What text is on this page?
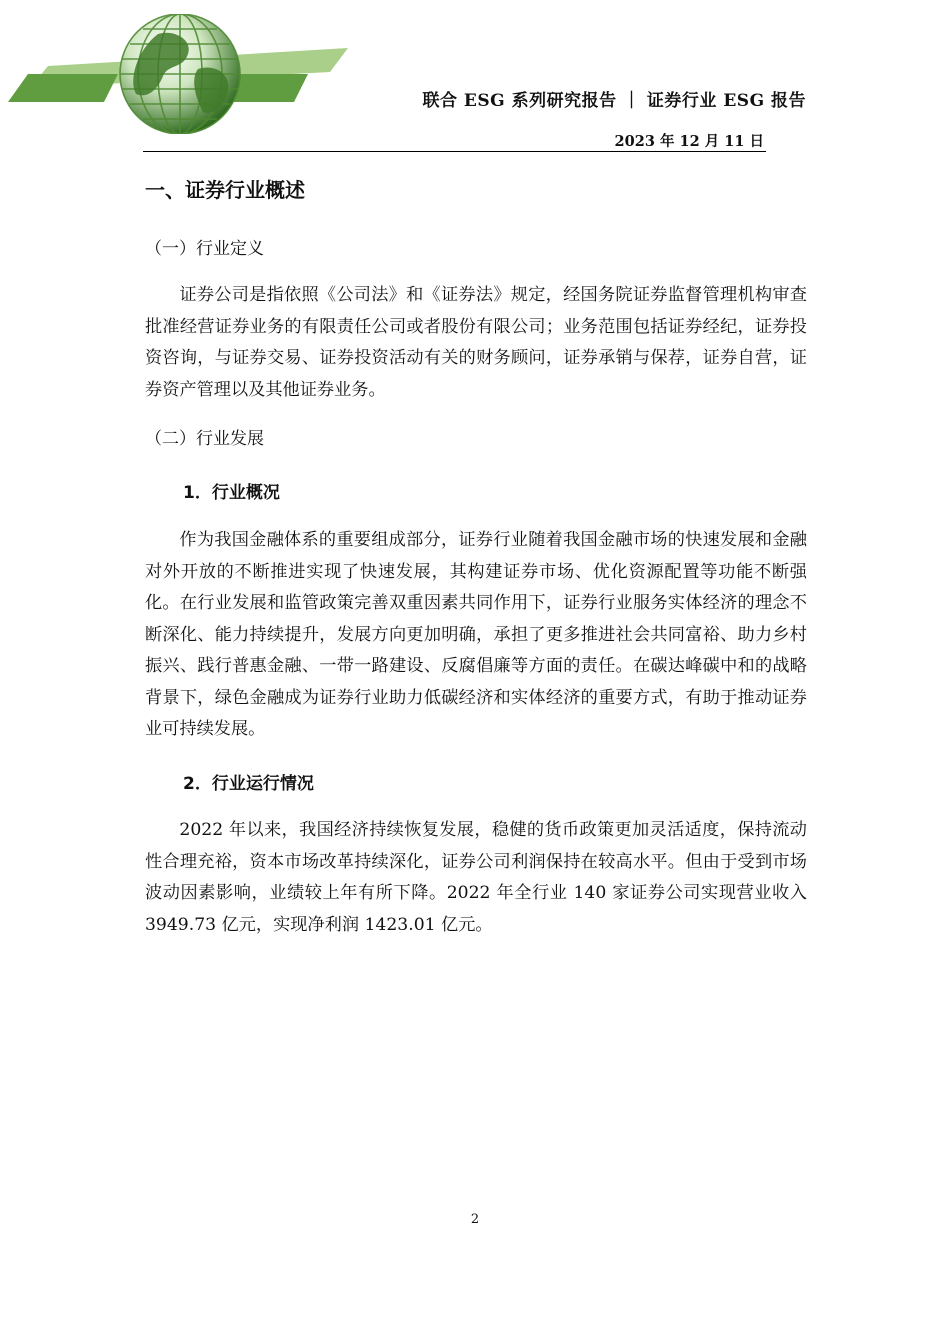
联合 ESG 系列研究报告 ｜ 证券行业 ESG 报告
2023 年 12 月 11 日
一、证券行业概述
（一）行业定义

证券公司是指依照《公司法》和《证券法》规定，经国务院证券监督管理机构审查批准经营证券业务的有限责任公司或者股份有限公司；业务范围包括证券经纪，证券投资咨询，与证券交易、证券投资活动有关的财务顾问，证券承销与保荐，证券自营，证券资产管理以及其他证券业务。

（二）行业发展
1．行业概况

作为我国金融体系的重要组成部分，证券行业随着我国金融市场的快速发展和金融对外开放的不断推进实现了快速发展，其构建证券市场、优化资源配置等功能不断强化。在行业发展和监管政策完善双重因素共同作用下，证券行业服务实体经济的理念不断深化、能力持续提升，发展方向更加明确，承担了更多推进社会共同富裕、助力乡村振兴、践行普惠金融、一带一路建设、反腐倡廉等方面的责任。在碳达峰碳中和的战略背景下，绿色金融成为证券行业助力低碳经济和实体经济的重要方式，有助于推动证券业可持续发展。

2．行业运行情况

2022 年以来，我国经济持续恢复发展，稳健的货币政策更加灵活适度，保持流动性合理充裕，资本市场改革持续深化，证券公司利润保持在较高水平。但由于受到市场波动因素影响，业绩较上年有所下降。2022 年全行业 140 家证券公司实现营业收入 3949.73 亿元，实现净利润 1423.01 亿元。

2
